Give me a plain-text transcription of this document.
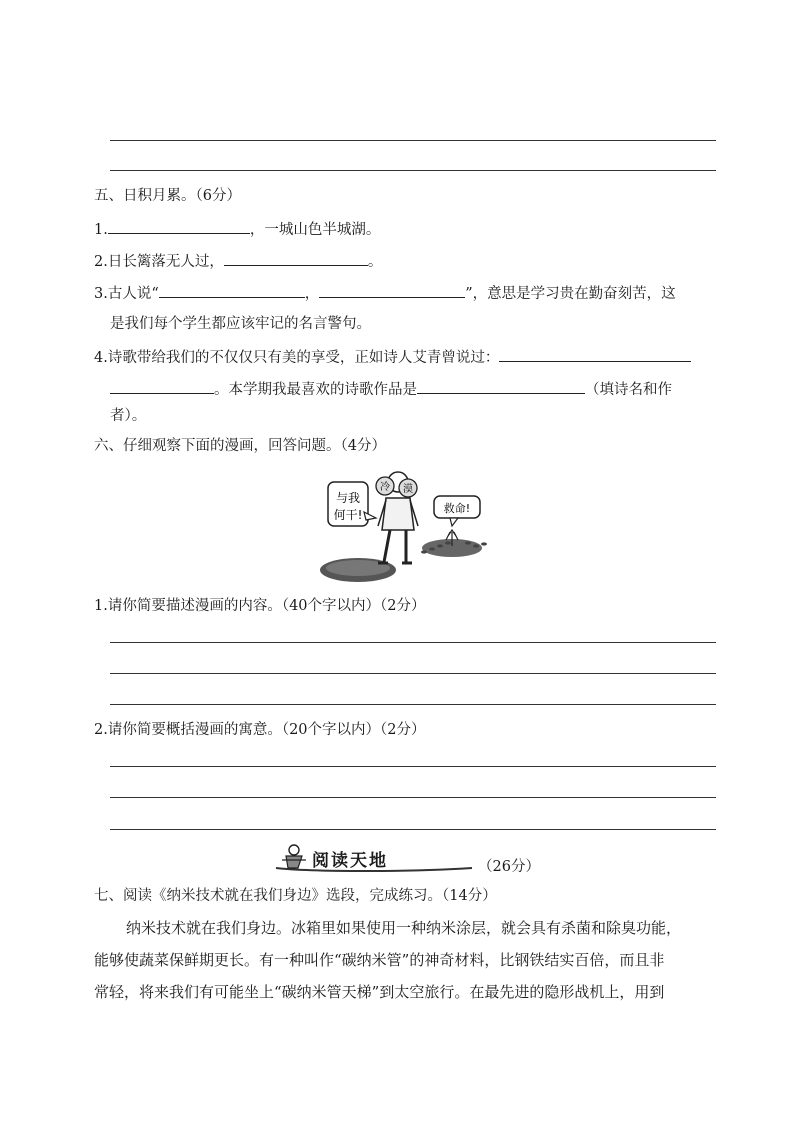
五、日积月累。（6分）
1.	，一城山色半城湖。
2.日长篱落无人过，	。
3.古人说“	，	”，意思是学习贵在勤奋刻苦，这
是我们每个学生都应该牢记的名言警句。
4.诗歌带给我们的不仅仅只有美的享受，正如诗人艾青曾说过：
。本学期我最喜欢的诗歌作品是	（填诗名和作
者）。
六、仔细观察下面的漫画，回答问题。（4分）
与我
何干!
冷 漠
救命!
1.请你简要描述漫画的内容。（40个字以内）（2分）
2.请你简要概括漫画的寓意。（20个字以内）（2分）
阅读天地	（26分）
七、阅读《纳米技术就在我们身边》选段，完成练习。（14分）
纳米技术就在我们身边。冰箱里如果使用一种纳米涂层，就会具有杀菌和除臭功能，
能够使蔬菜保鲜期更长。有一种叫作“碳纳米管”的神奇材料，比钢铁结实百倍，而且非
常轻，将来我们有可能坐上“碳纳米管天梯”到太空旅行。在最先进的隐形战机上，用到
